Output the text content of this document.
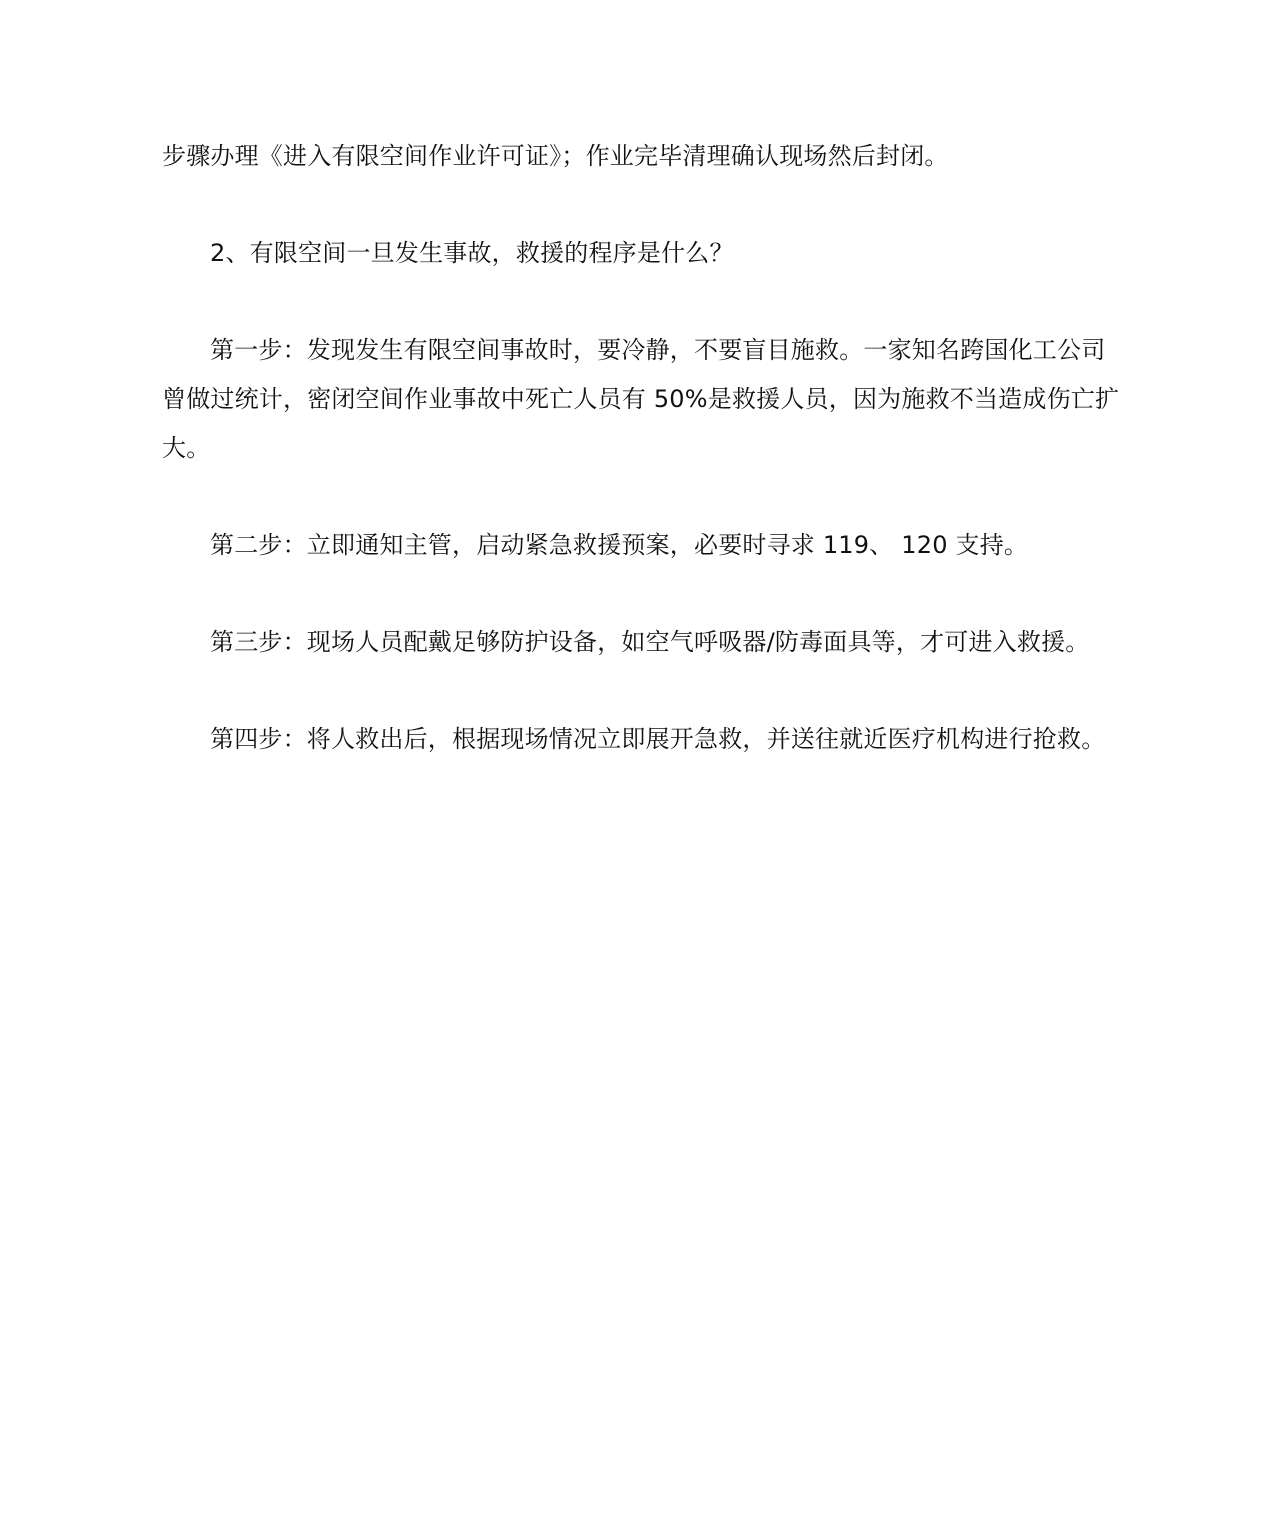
步骤办理《进入有限空间作业许可证》；作业完毕清理确认现场然后封闭。

2、有限空间一旦发生事故，救援的程序是什么？

第一步：发现发生有限空间事故时，要冷静，不要盲目施救。一家知名跨国化工公司曾做过统计，密闭空间作业事故中死亡人员有 50%是救援人员，因为施救不当造成伤亡扩大。

第二步：立即通知主管，启动紧急救援预案，必要时寻求 119、 120 支持。

第三步：现场人员配戴足够防护设备，如空气呼吸器/防毒面具等，才可进入救援。

第四步：将人救出后，根据现场情况立即展开急救，并送往就近医疗机构进行抢救。
